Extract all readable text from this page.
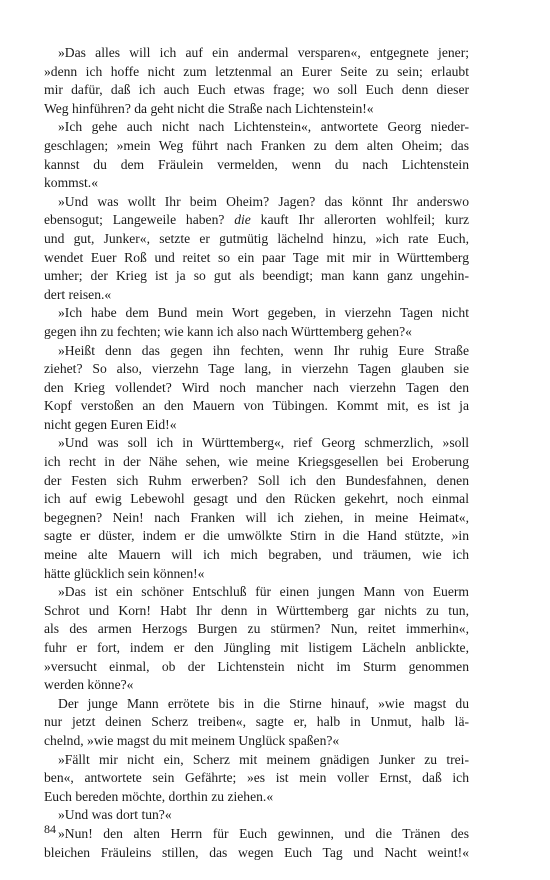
»Das alles will ich auf ein andermal versparen«, entgegnete jener;
»denn ich hoffe nicht zum letztenmal an Eurer Seite zu sein; erlaubt
mir dafür, daß ich auch Euch etwas frage; wo soll Euch denn dieser
Weg hinführen? da geht nicht die Straße nach Lichtenstein!«
»Ich gehe auch nicht nach Lichtenstein«, antwortete Georg nieder-
geschlagen; »mein Weg führt nach Franken zu dem alten Oheim; das
kannst du dem Fräulein vermelden, wenn du nach Lichtenstein
kommst.«
»Und was wollt Ihr beim Oheim? Jagen? das könnt Ihr anderswo
ebensogut; Langeweile haben? die kauft Ihr allerorten wohlfeil; kurz
und gut, Junker«, setzte er gutmütig lächelnd hinzu, »ich rate Euch,
wendet Euer Roß und reitet so ein paar Tage mit mir in Württemberg
umher; der Krieg ist ja so gut als beendigt; man kann ganz ungehin-
dert reisen.«
»Ich habe dem Bund mein Wort gegeben, in vierzehn Tagen nicht
gegen ihn zu fechten; wie kann ich also nach Württemberg gehen?«
»Heißt denn das gegen ihn fechten, wenn Ihr ruhig Eure Straße
ziehet? So also, vierzehn Tage lang, in vierzehn Tagen glauben sie
den Krieg vollendet? Wird noch mancher nach vierzehn Tagen den
Kopf verstoßen an den Mauern von Tübingen. Kommt mit, es ist ja
nicht gegen Euren Eid!«
»Und was soll ich in Württemberg«, rief Georg schmerzlich, »soll
ich recht in der Nähe sehen, wie meine Kriegsgesellen bei Eroberung
der Festen sich Ruhm erwerben? Soll ich den Bundesfahnen, denen
ich auf ewig Lebewohl gesagt und den Rücken gekehrt, noch einmal
begegnen? Nein! nach Franken will ich ziehen, in meine Heimat«,
sagte er düster, indem er die umwölkte Stirn in die Hand stützte, »in
meine alte Mauern will ich mich begraben, und träumen, wie ich
hätte glücklich sein können!«
»Das ist ein schöner Entschluß für einen jungen Mann von Euerm
Schrot und Korn! Habt Ihr denn in Württemberg gar nichts zu tun,
als des armen Herzogs Burgen zu stürmen? Nun, reitet immerhin«,
fuhr er fort, indem er den Jüngling mit listigem Lächeln anblickte,
»versucht einmal, ob der Lichtenstein nicht im Sturm genommen
werden könne?«
Der junge Mann errötete bis in die Stirne hinauf, »wie magst du
nur jetzt deinen Scherz treiben«, sagte er, halb in Unmut, halb lä-
chelnd, »wie magst du mit meinem Unglück spaßen?«
»Fällt mir nicht ein, Scherz mit meinem gnädigen Junker zu trei-
ben«, antwortete sein Gefährte; »es ist mein voller Ernst, daß ich
Euch bereden möchte, dorthin zu ziehen.«
»Und was dort tun?«
»Nun! den alten Herrn für Euch gewinnen, und die Tränen des
bleichen Fräuleins stillen, das wegen Euch Tag und Nacht weint!«
84
